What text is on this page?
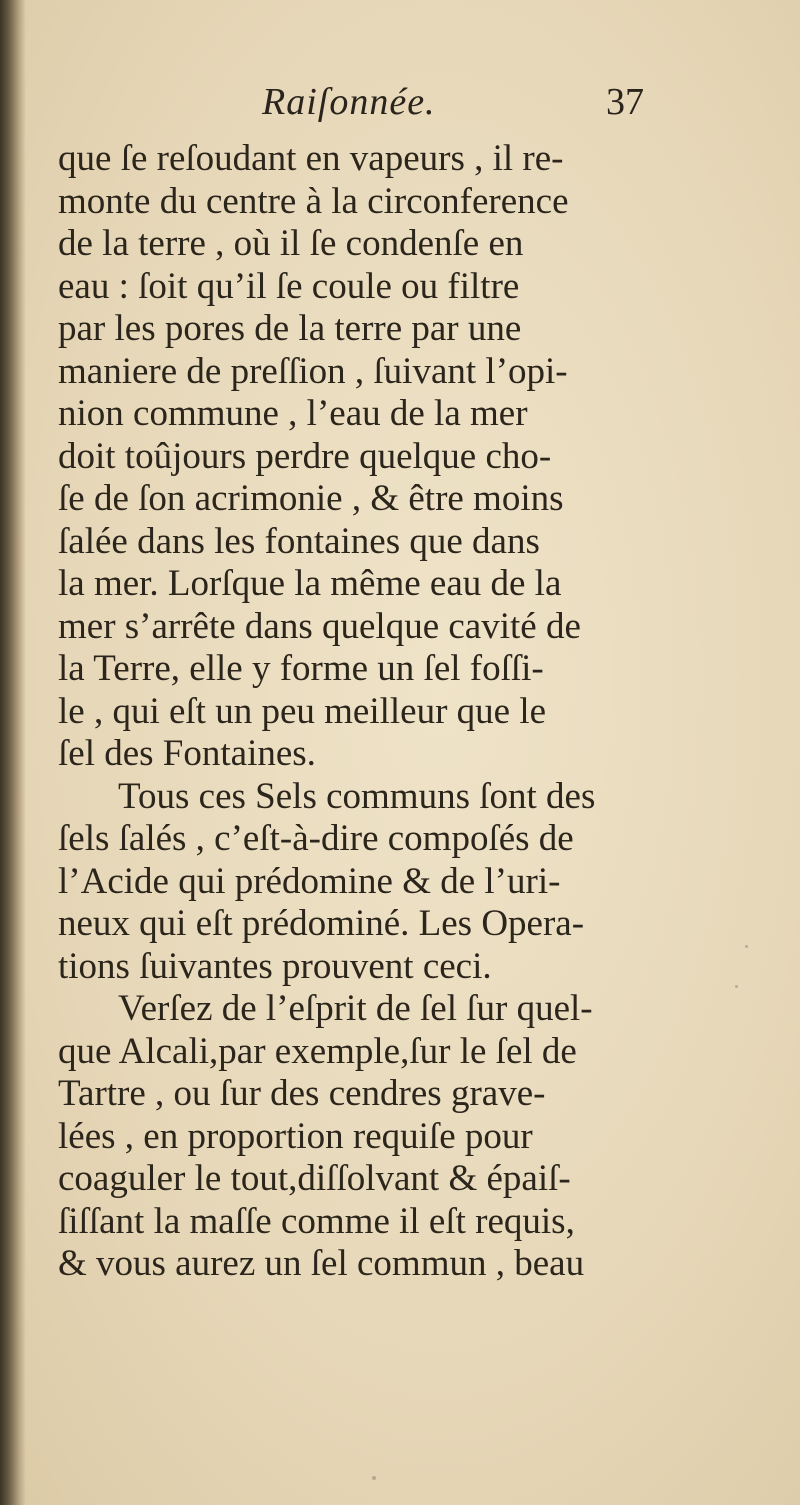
Raiſonnée.	37
que ſe reſoudant en vapeurs , il re-
monte du centre à la circonference
de la terre , où il ſe condenſe en
eau : ſoit qu’il ſe coule ou filtre
par les pores de la terre par une
maniere de preſſion , ſuivant l’opi-
nion commune , l’eau de la mer
doit toûjours perdre quelque cho-
ſe de ſon acrimonie , & être moins
ſalée dans les fontaines que dans
la mer. Lorſque la même eau de la
mer s’arrête dans quelque cavité de
la Terre, elle y forme un ſel foſſi-
le , qui eſt un peu meilleur que le
ſel des Fontaines.
Tous ces Sels communs ſont des
ſels ſalés , c’eſt-à-dire compoſés de
l’Acide qui prédomine & de l’uri-
neux qui eſt prédominé. Les Opera-
tions ſuivantes prouvent ceci.
Verſez de l’eſprit de ſel ſur quel-
que Alcali,par exemple,ſur le ſel de
Tartre , ou ſur des cendres grave-
lées , en proportion requiſe pour
coaguler le tout,diſſolvant & épaiſ-
ſiſſant la maſſe comme il eſt requis,
& vous aurez un ſel commun , beau
